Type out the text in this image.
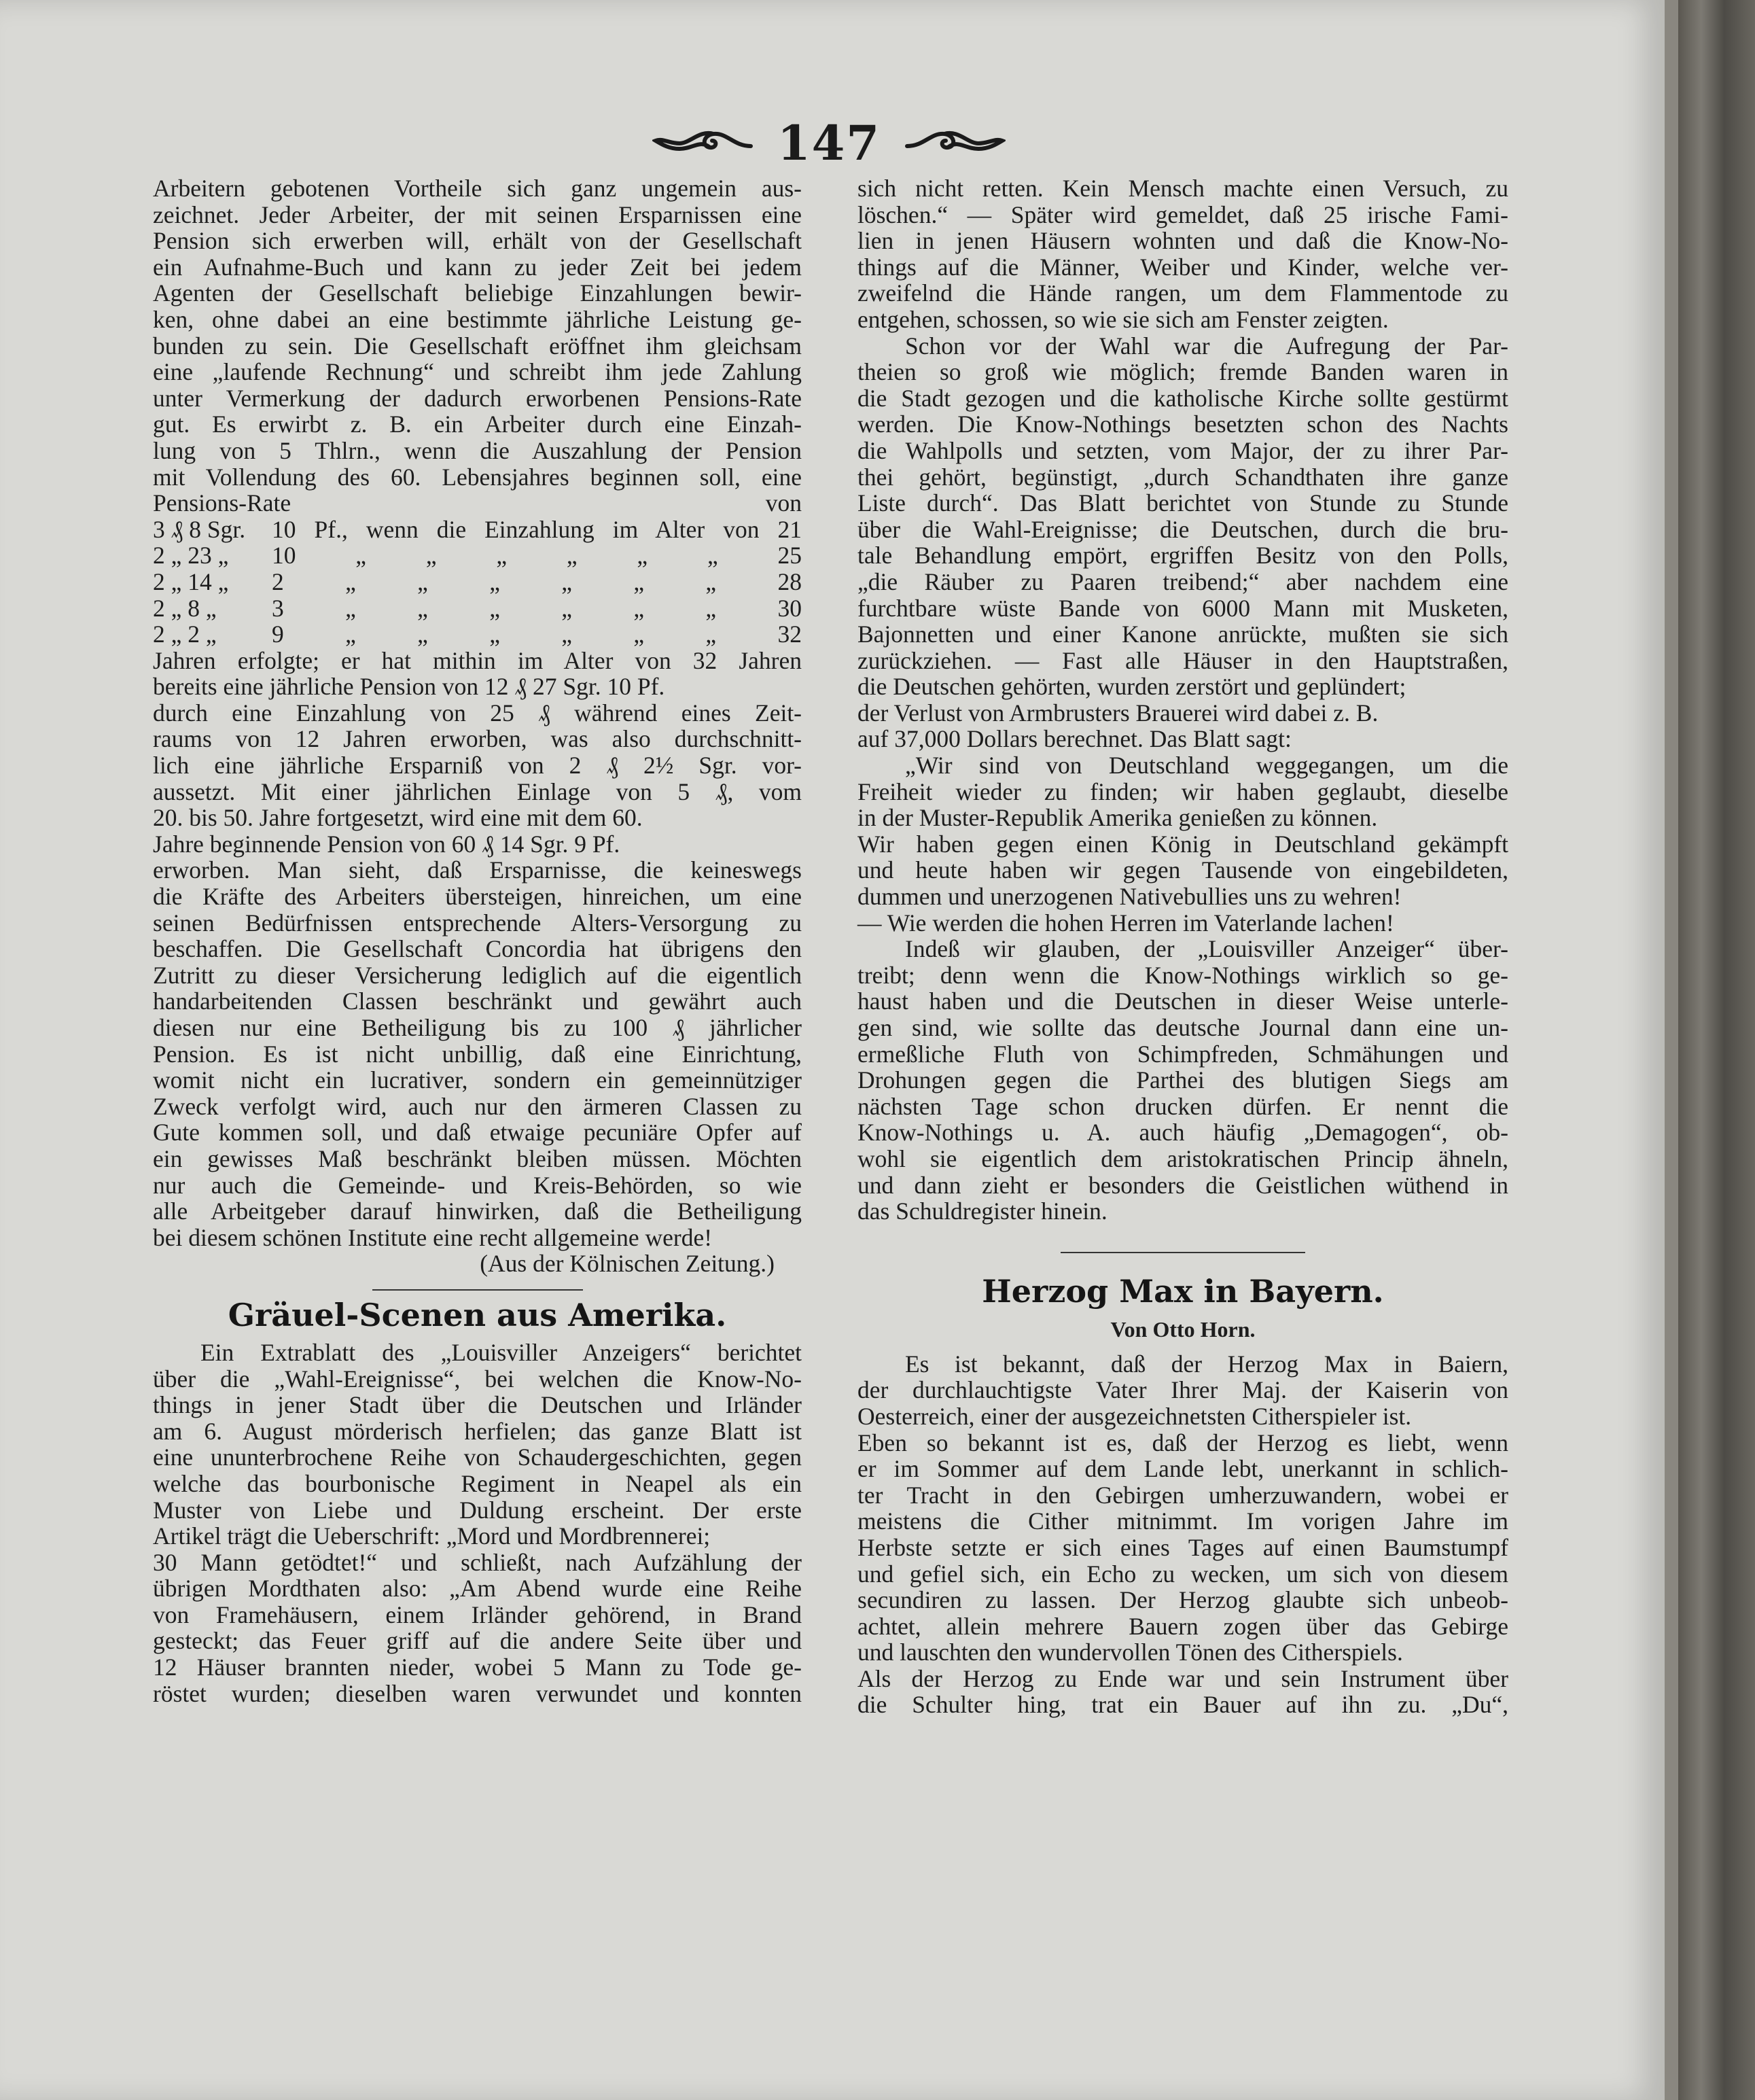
147

Arbeitern gebotenen Vortheile sich ganz ungemein aus-

zeichnet. Jeder Arbeiter, der mit seinen Ersparnissen eine

Pension sich erwerben will, erhält von der Gesellschaft

ein Aufnahme-Buch und kann zu jeder Zeit bei jedem

Agenten der Gesellschaft beliebige Einzahlungen bewir-

ken, ohne dabei an eine bestimmte jährliche Leistung ge-

bunden zu sein. Die Gesellschaft eröffnet ihm gleichsam

eine „laufende Rechnung“ und schreibt ihm jede Zahlung

unter Vermerkung der dadurch erworbenen Pensions-Rate

gut. Es erwirbt z. B. ein Arbeiter durch eine Einzah-

lung von 5 Thlrn., wenn die Auszahlung der Pension

mit Vollendung des 60. Lebensjahres beginnen soll, eine

Pensions-Rate von

3 ₰ 8 Sgr.	10 Pf., wenn die Einzahlung im Alter von 21
2 „ 23 „	10 „ „ „ „ „ „ 25
2 „ 14 „	2 „ „ „ „ „ „ 28
2 „ 8 „	3 „ „ „ „ „ „ 30
2 „ 2 „	9 „ „ „ „ „ „ 32

Jahren erfolgte; er hat mithin im Alter von 32 Jahren

bereits eine jährliche Pension von 12 ₰ 27 Sgr. 10 Pf.

durch eine Einzahlung von 25 ₰ während eines Zeit-

raums von 12 Jahren erworben, was also durchschnitt-

lich eine jährliche Ersparniß von 2 ₰ 2½ Sgr. vor-

aussetzt. Mit einer jährlichen Einlage von 5 ₰, vom

20. bis 50. Jahre fortgesetzt, wird eine mit dem 60.

Jahre beginnende Pension von 60 ₰ 14 Sgr. 9 Pf.

erworben. Man sieht, daß Ersparnisse, die keineswegs

die Kräfte des Arbeiters übersteigen, hinreichen, um eine

seinen Bedürfnissen entsprechende Alters-Versorgung zu

beschaffen. Die Gesellschaft Concordia hat übrigens den

Zutritt zu dieser Versicherung lediglich auf die eigentlich

handarbeitenden Classen beschränkt und gewährt auch

diesen nur eine Betheiligung bis zu 100 ₰ jährlicher

Pension. Es ist nicht unbillig, daß eine Einrichtung,

womit nicht ein lucrativer, sondern ein gemeinnütziger

Zweck verfolgt wird, auch nur den ärmeren Classen zu

Gute kommen soll, und daß etwaige pecuniäre Opfer auf

ein gewisses Maß beschränkt bleiben müssen. Möchten

nur auch die Gemeinde- und Kreis-Behörden, so wie

alle Arbeitgeber darauf hinwirken, daß die Betheiligung

bei diesem schönen Institute eine recht allgemeine werde!

(Aus der Kölnischen Zeitung.)

Gräuel-Scenen aus Amerika.

Ein Extrablatt des „Louisviller Anzeigers“ berichtet

über die „Wahl-Ereignisse“, bei welchen die Know-No-

things in jener Stadt über die Deutschen und Irländer

am 6. August mörderisch herfielen; das ganze Blatt ist

eine ununterbrochene Reihe von Schaudergeschichten, gegen

welche das bourbonische Regiment in Neapel als ein

Muster von Liebe und Duldung erscheint. Der erste

Artikel trägt die Ueberschrift: „Mord und Mordbrennerei;

30 Mann getödtet!“ und schließt, nach Aufzählung der

übrigen Mordthaten also: „Am Abend wurde eine Reihe

von Framehäusern, einem Irländer gehörend, in Brand

gesteckt; das Feuer griff auf die andere Seite über und

12 Häuser brannten nieder, wobei 5 Mann zu Tode ge-

röstet wurden; dieselben waren verwundet und konnten

sich nicht retten. Kein Mensch machte einen Versuch, zu

löschen.“ — Später wird gemeldet, daß 25 irische Fami-

lien in jenen Häusern wohnten und daß die Know-No-

things auf die Männer, Weiber und Kinder, welche ver-

zweifelnd die Hände rangen, um dem Flammentode zu

entgehen, schossen, so wie sie sich am Fenster zeigten.

Schon vor der Wahl war die Aufregung der Par-

theien so groß wie möglich; fremde Banden waren in

die Stadt gezogen und die katholische Kirche sollte gestürmt

werden. Die Know-Nothings besetzten schon des Nachts

die Wahlpolls und setzten, vom Major, der zu ihrer Par-

thei gehört, begünstigt, „durch Schandthaten ihre ganze

Liste durch“. Das Blatt berichtet von Stunde zu Stunde

über die Wahl-Ereignisse; die Deutschen, durch die bru-

tale Behandlung empört, ergriffen Besitz von den Polls,

„die Räuber zu Paaren treibend;“ aber nachdem eine

furchtbare wüste Bande von 6000 Mann mit Musketen,

Bajonnetten und einer Kanone anrückte, mußten sie sich

zurückziehen. — Fast alle Häuser in den Hauptstraßen,

die Deutschen gehörten, wurden zerstört und geplündert;

der Verlust von Armbrusters Brauerei wird dabei z. B.

auf 37,000 Dollars berechnet. Das Blatt sagt:

„Wir sind von Deutschland weggegangen, um die

Freiheit wieder zu finden; wir haben geglaubt, dieselbe

in der Muster-Republik Amerika genießen zu können.

Wir haben gegen einen König in Deutschland gekämpft

und heute haben wir gegen Tausende von eingebildeten,

dummen und unerzogenen Nativebullies uns zu wehren!

— Wie werden die hohen Herren im Vaterlande lachen!

Indeß wir glauben, der „Louisviller Anzeiger“ über-

treibt; denn wenn die Know-Nothings wirklich so ge-

haust haben und die Deutschen in dieser Weise unterle-

gen sind, wie sollte das deutsche Journal dann eine un-

ermeßliche Fluth von Schimpfreden, Schmähungen und

Drohungen gegen die Parthei des blutigen Siegs am

nächsten Tage schon drucken dürfen. Er nennt die

Know-Nothings u. A. auch häufig „Demagogen“, ob-

wohl sie eigentlich dem aristokratischen Princip ähneln,

und dann zieht er besonders die Geistlichen wüthend in

das Schuldregister hinein.

Herzog Max in Bayern.
Von Otto Horn.

Es ist bekannt, daß der Herzog Max in Baiern,

der durchlauchtigste Vater Ihrer Maj. der Kaiserin von

Oesterreich, einer der ausgezeichnetsten Citherspieler ist.

Eben so bekannt ist es, daß der Herzog es liebt, wenn

er im Sommer auf dem Lande lebt, unerkannt in schlich-

ter Tracht in den Gebirgen umherzuwandern, wobei er

meistens die Cither mitnimmt. Im vorigen Jahre im

Herbste setzte er sich eines Tages auf einen Baumstumpf

und gefiel sich, ein Echo zu wecken, um sich von diesem

secundiren zu lassen. Der Herzog glaubte sich unbeob-

achtet, allein mehrere Bauern zogen über das Gebirge

und lauschten den wundervollen Tönen des Citherspiels.

Als der Herzog zu Ende war und sein Instrument über

die Schulter hing, trat ein Bauer auf ihn zu. „Du“,
